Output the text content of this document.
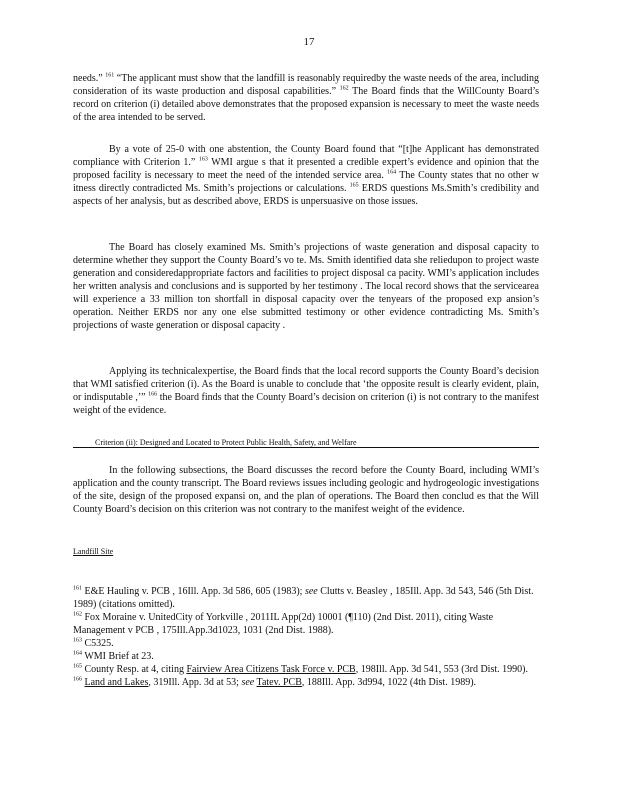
17

needs.” $^{161}$ “The applicant must show that the landfill is reasonably requiredby the waste needs of the area, including consideration of its waste production and disposal capabilities.” $^{162}$ The Board finds that the WillCounty Board’s record on criterion (i) detailed above demonstrates that the proposed expansion is necessary to meet the waste needs of the area intended to be served.

By a vote of 25-0 with one abstention, the County Board found that “[t]he Applicant has demonstrated compliance with Criterion 1.” $^{163}$ WMI argue s that it presented a credible expert’s evidence and opinion that the proposed facility is necessary to meet the need of the intended service area. $^{164}$ The County states that no other w itness directly contradicted Ms. Smith’s projections or calculations. $^{165}$ ERDS questions Ms.Smith’s credibility and aspects of her analysis, but as described above, ERDS is unpersuasive on those issues.

The Board has closely examined Ms. Smith’s projections of waste generation and disposal capacity to determine whether they support the County Board’s vo te. Ms. Smith identified data she reliedupon to project waste generation and consideredappropriate factors and facilities to project disposal ca pacity. WMI’s application includes her written analysis and conclusions and is supported by her testimony . The local record shows that the servicearea will experience a 33 million ton shortfall in disposal capacity over the tenyears of the proposed exp ansion’s operation. Neither ERDS nor any one else submitted testimony or other evidence contradicting Ms. Smith’s projections of waste generation or disposal capacity .

Applying its technicalexpertise, the Board finds that the local record supports the County Board’s decision that WMI satisfied criterion (i). As the Board is unable to conclude that ‘the opposite result is clearly evident, plain, or indisputable ,’” $^{166}$ the Board finds that the County Board’s decision on criterion (i) is not contrary to the manifest weight of the evidence.

Criterion (ii): Designed and Located to Protect Public Health, Safety, and Welfare

In the following subsections, the Board discusses the record before the County Board, including WMI’s application and the county transcript. The Board reviews issues including geologic and hydrogeologic investigations of the site, design of the proposed expansi on, and the plan of operations. The Board then conclud es that the Will County Board’s decision on this criterion was not contrary to the manifest weight of the evidence.

Landfill Site

$^{161}$ E&E Hauling v. PCB , 16Ill. App. 3d 586, 605 (1983); see Clutts v. Beasley , 185Ill. App. 3d 543, 546 (5th Dist. 1989) (citations omitted).

$^{162}$ Fox Moraine v. UnitedCity of Yorkville , 2011IL App(2d) 10001 (¶110) (2nd Dist. 2011), citing Waste Management v PCB , 175Ill.App.3d1023, 1031 (2nd Dist. 1988).

$^{163}$ C5325.

$^{164}$ WMI Brief at 23.

$^{165}$ County Resp. at 4, citing Fairview Area Citizens Task Force v. PCB, 198Ill. App. 3d 541, 553 (3rd Dist. 1990).

$^{166}$ Land and Lakes, 319Ill. App. 3d at 53; see Tatev. PCB, 188Ill. App. 3d994, 1022 (4th Dist. 1989).
